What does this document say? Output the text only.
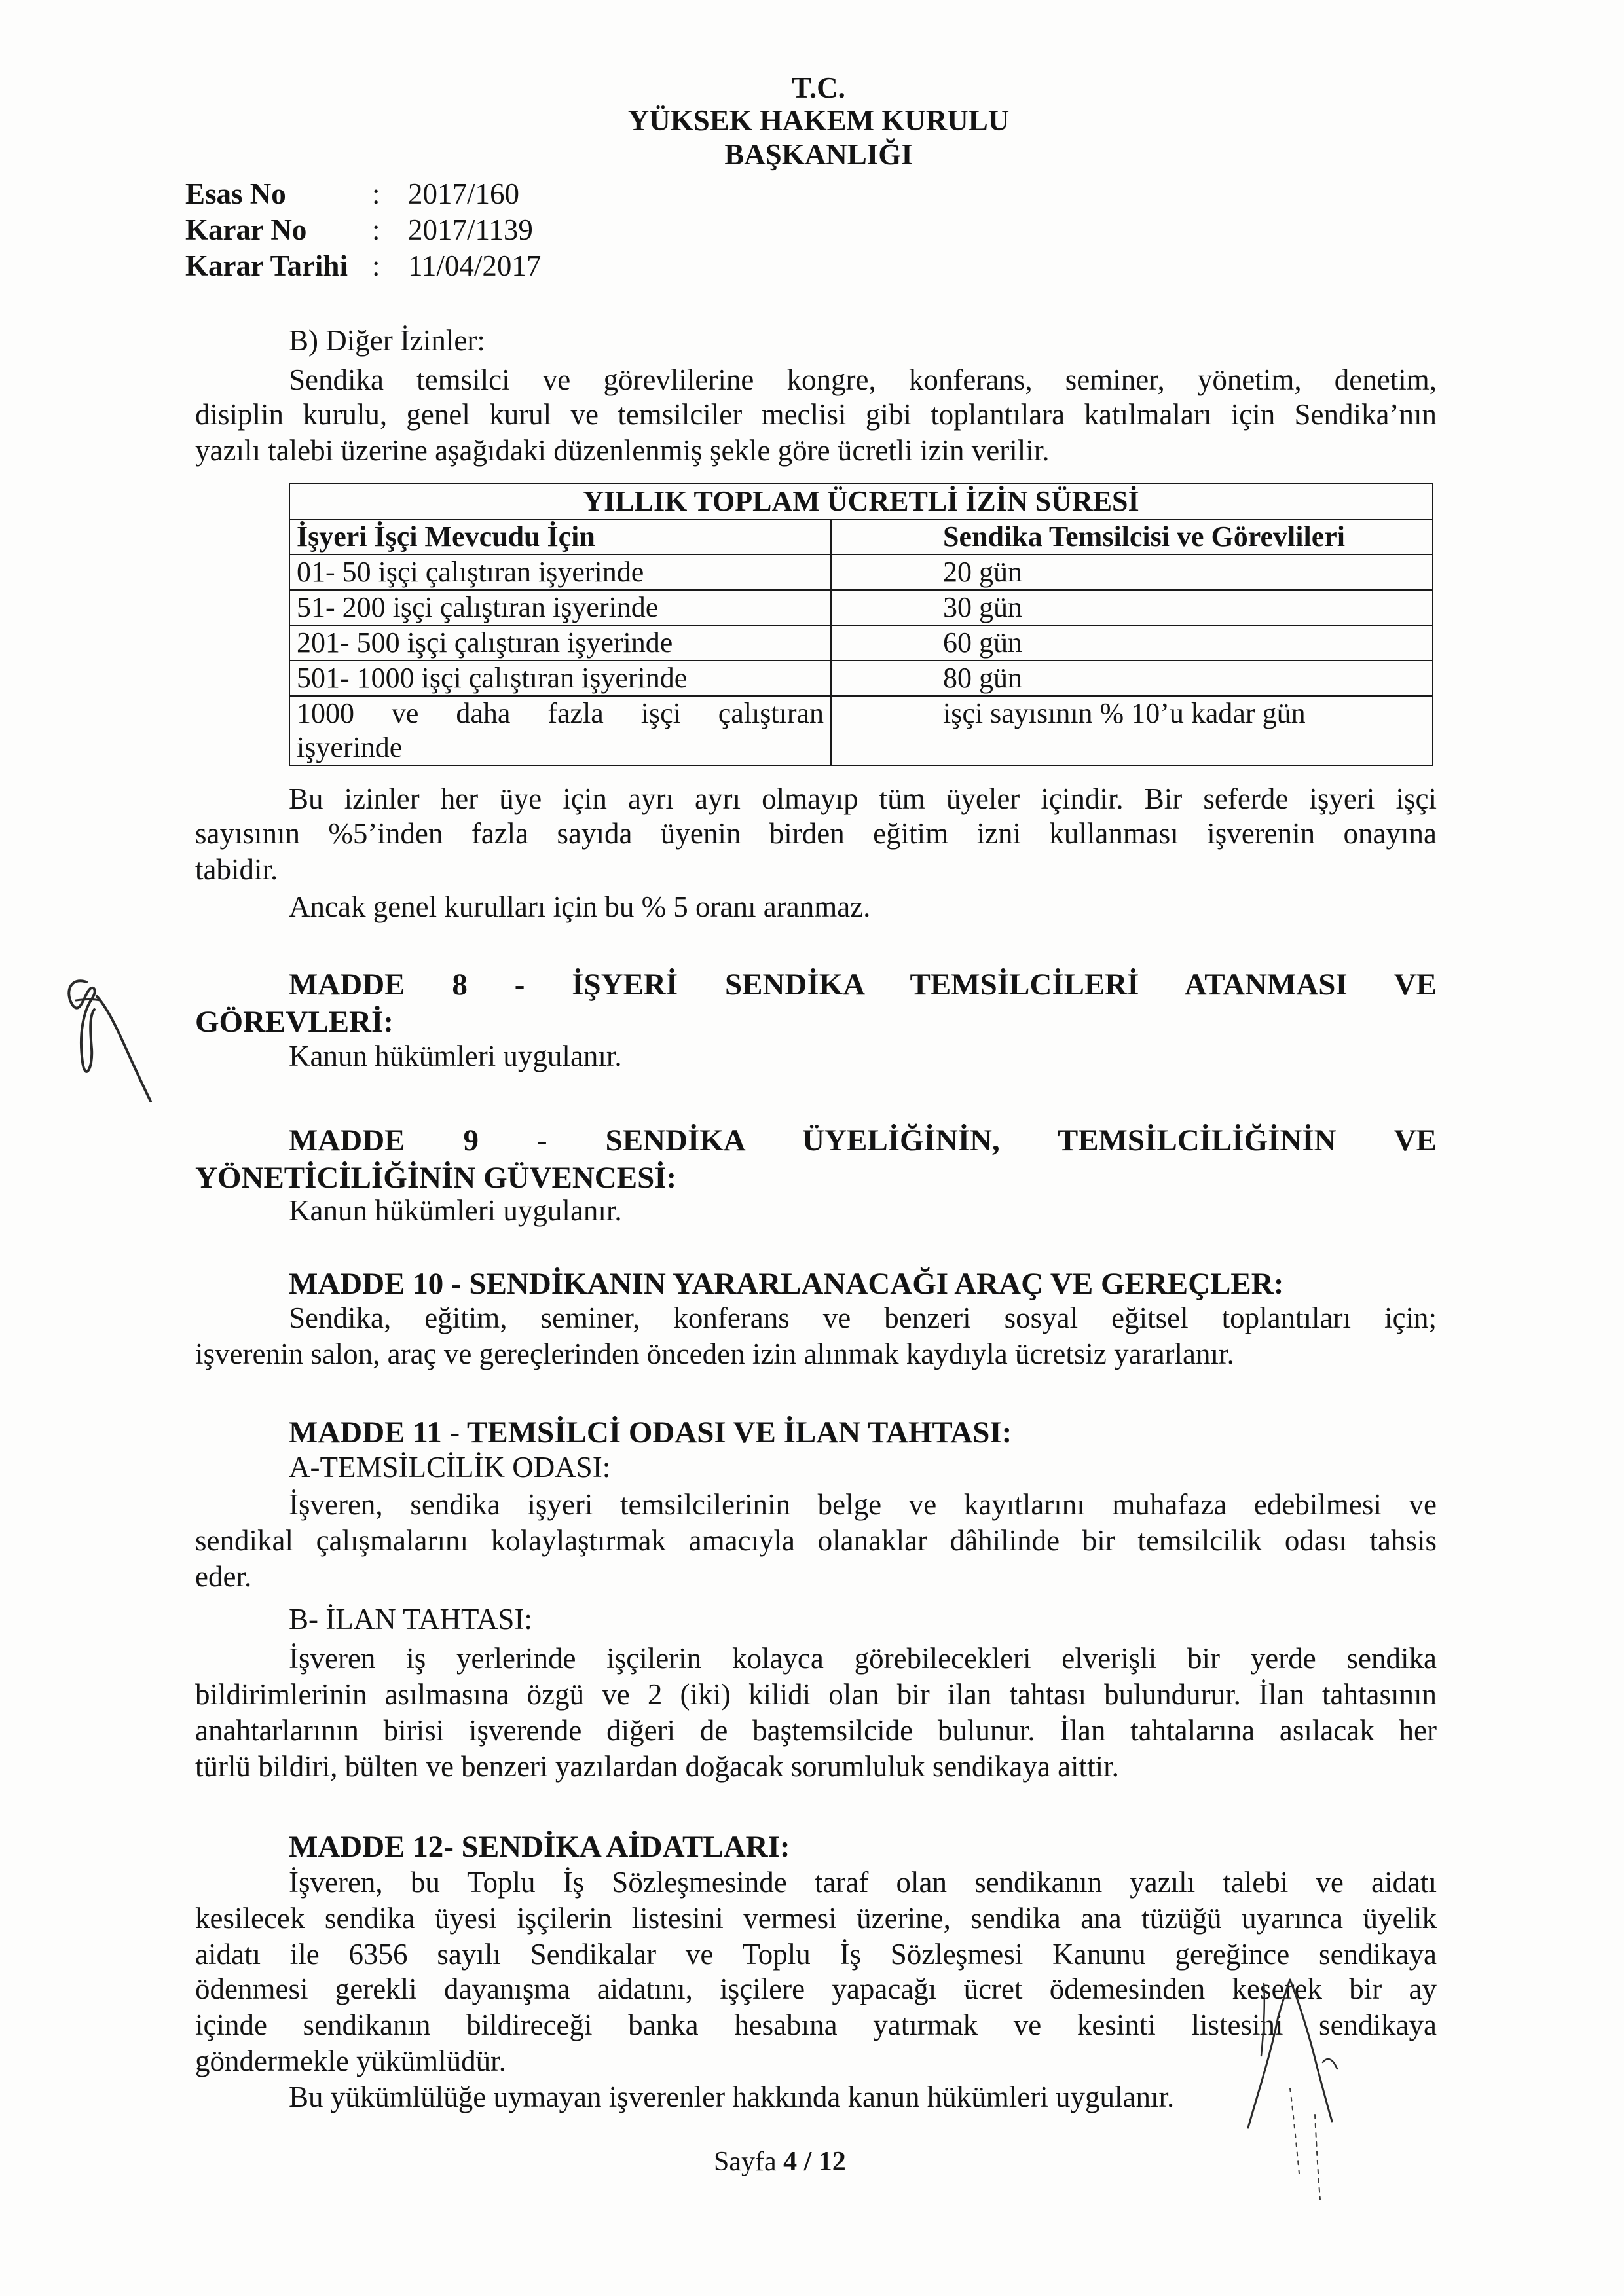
T.C.
YÜKSEK HAKEM KURULU
BAŞKANLIĞI
Esas No	: 2017/160
Karar No : 2017/1139
Karar Tarihi : 11/04/2017
B) Diğer İzinler:
Sendika temsilci ve görevlilerine kongre, konferans, seminer, yönetim, denetim,
disiplin kurulu, genel kurul ve temsilciler meclisi gibi toplantılara katılmaları için Sendika’nın
yazılı talebi üzerine aşağıdaki düzenlenmiş şekle göre ücretli izin verilir.
YILLIK TOPLAM ÜCRETLİ İZİN SÜRESİ	
İşyeri İşçi Mevcudu İçin	Sendika Temsilcisi ve Görevlileri
01- 50 işçi çalıştıran işyerinde	20 gün
51- 200 işçi çalıştıran işyerinde	30 gün
201- 500 işçi çalıştıran işyerinde	60 gün
501- 1000 işçi çalıştıran işyerinde	80 gün

1000 ve daha fazla işçi çalıştıran
işyerinde	işçi sayısının % 10’u kadar gün
Bu izinler her üye için ayrı ayrı olmayıp tüm üyeler içindir. Bir seferde işyeri işçi
sayısının %5’inden fazla sayıda üyenin birden eğitim izni kullanması işverenin onayına
tabidir.
Ancak genel kurulları için bu % 5 oranı aranmaz.
MADDE 8 - İŞYERİ SENDİKA TEMSİLCİLERİ ATANMASI VE
GÖREVLERİ:
Kanun hükümleri uygulanır.
MADDE 9 - SENDİKA ÜYELİĞİNİN, TEMSİLCİLİĞİNİN VE
YÖNETİCİLİĞİNİN GÜVENCESİ:
Kanun hükümleri uygulanır.
MADDE 10 - SENDİKANIN YARARLANACAĞI ARAÇ VE GEREÇLER:
Sendika, eğitim, seminer, konferans ve benzeri sosyal eğitsel toplantıları için;
işverenin salon, araç ve gereçlerinden önceden izin alınmak kaydıyla ücretsiz yararlanır.
MADDE 11 - TEMSİLCİ ODASI VE İLAN TAHTASI:
A-TEMSİLCİLİK ODASI:
İşveren, sendika işyeri temsilcilerinin belge ve kayıtlarını muhafaza edebilmesi ve
sendikal çalışmalarını kolaylaştırmak amacıyla olanaklar dâhilinde bir temsilcilik odası tahsis
eder.
B- İLAN TAHTASI:
İşveren iş yerlerinde işçilerin kolayca görebilecekleri elverişli bir yerde sendika
bildirimlerinin asılmasına özgü ve 2 (iki) kilidi olan bir ilan tahtası bulundurur. İlan tahtasının
anahtarlarının birisi işverende diğeri de baştemsilcide bulunur. İlan tahtalarına asılacak her
türlü bildiri, bülten ve benzeri yazılardan doğacak sorumluluk sendikaya aittir.
MADDE 12- SENDİKA AİDATLARI:
İşveren, bu Toplu İş Sözleşmesinde taraf olan sendikanın yazılı talebi ve aidatı
kesilecek sendika üyesi işçilerin listesini vermesi üzerine, sendika ana tüzüğü uyarınca üyelik
aidatı ile 6356 sayılı Sendikalar ve Toplu İş Sözleşmesi Kanunu gereğince sendikaya
ödenmesi gerekli dayanışma aidatını, işçilere yapacağı ücret ödemesinden keserek bir ay
içinde sendikanın bildireceği banka hesabına yatırmak ve kesinti listesini sendikaya
göndermekle yükümlüdür.
Bu yükümlülüğe uymayan işverenler hakkında kanun hükümleri uygulanır.
Sayfa 4 / 12
